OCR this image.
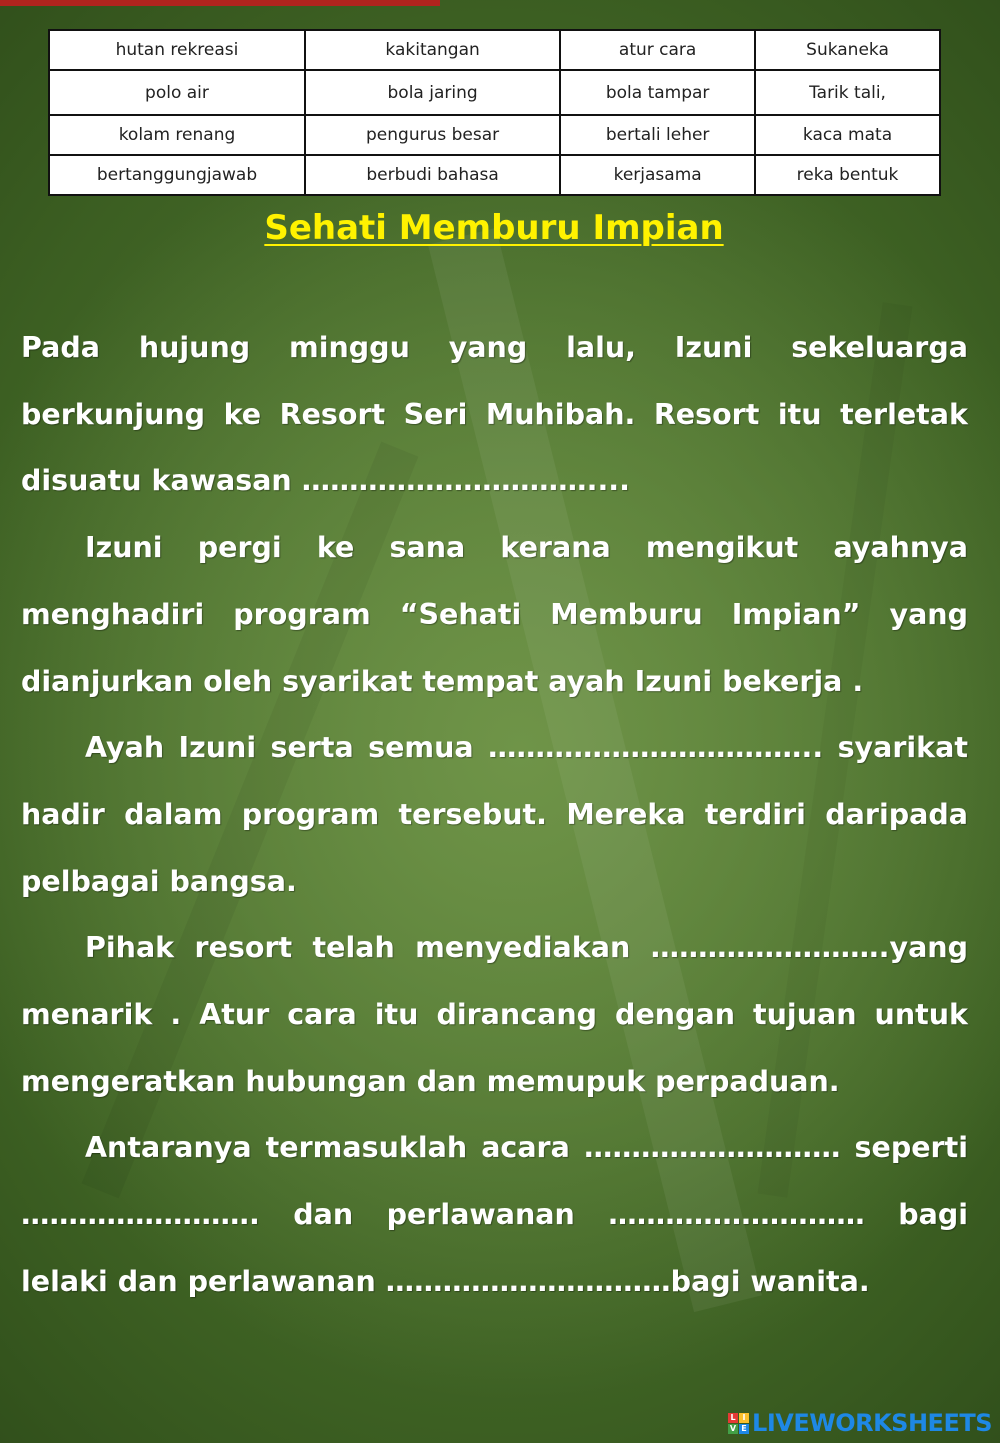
hutan rekreasi	kakitangan	atur cara	Sukaneka
polo air	bola jaring	bola tampar	Tarik tali,
kolam renang	pengurus besar	bertali leher	kaca mata
bertanggungjawab	berbudi bahasa	kerjasama	reka bentuk
Sehati Memburu Impian

Pada hujung minggu yang lalu, Izuni sekeluarga berkunjung ke Resort Seri Muhibah. Resort itu terletak disuatu kawasan …………………………....

Izuni pergi ke sana kerana mengikut ayahnya menghadiri program “Sehati Memburu Impian” yang dianjurkan oleh syarikat tempat ayah Izuni bekerja .

Ayah Izuni serta semua …………………………….. syarikat hadir dalam program tersebut. Mereka terdiri daripada pelbagai bangsa.

Pihak resort telah menyediakan …………………….yang menarik . Atur cara itu dirancang dengan tujuan untuk mengeratkan hubungan dan memupuk perpaduan.

Antaranya termasuklah acara ……………………… seperti ……………………. dan perlawanan ……………………… bagi lelaki dan perlawanan …………………………bagi wanita.

L I
V E LIVEWORKSHEETS
